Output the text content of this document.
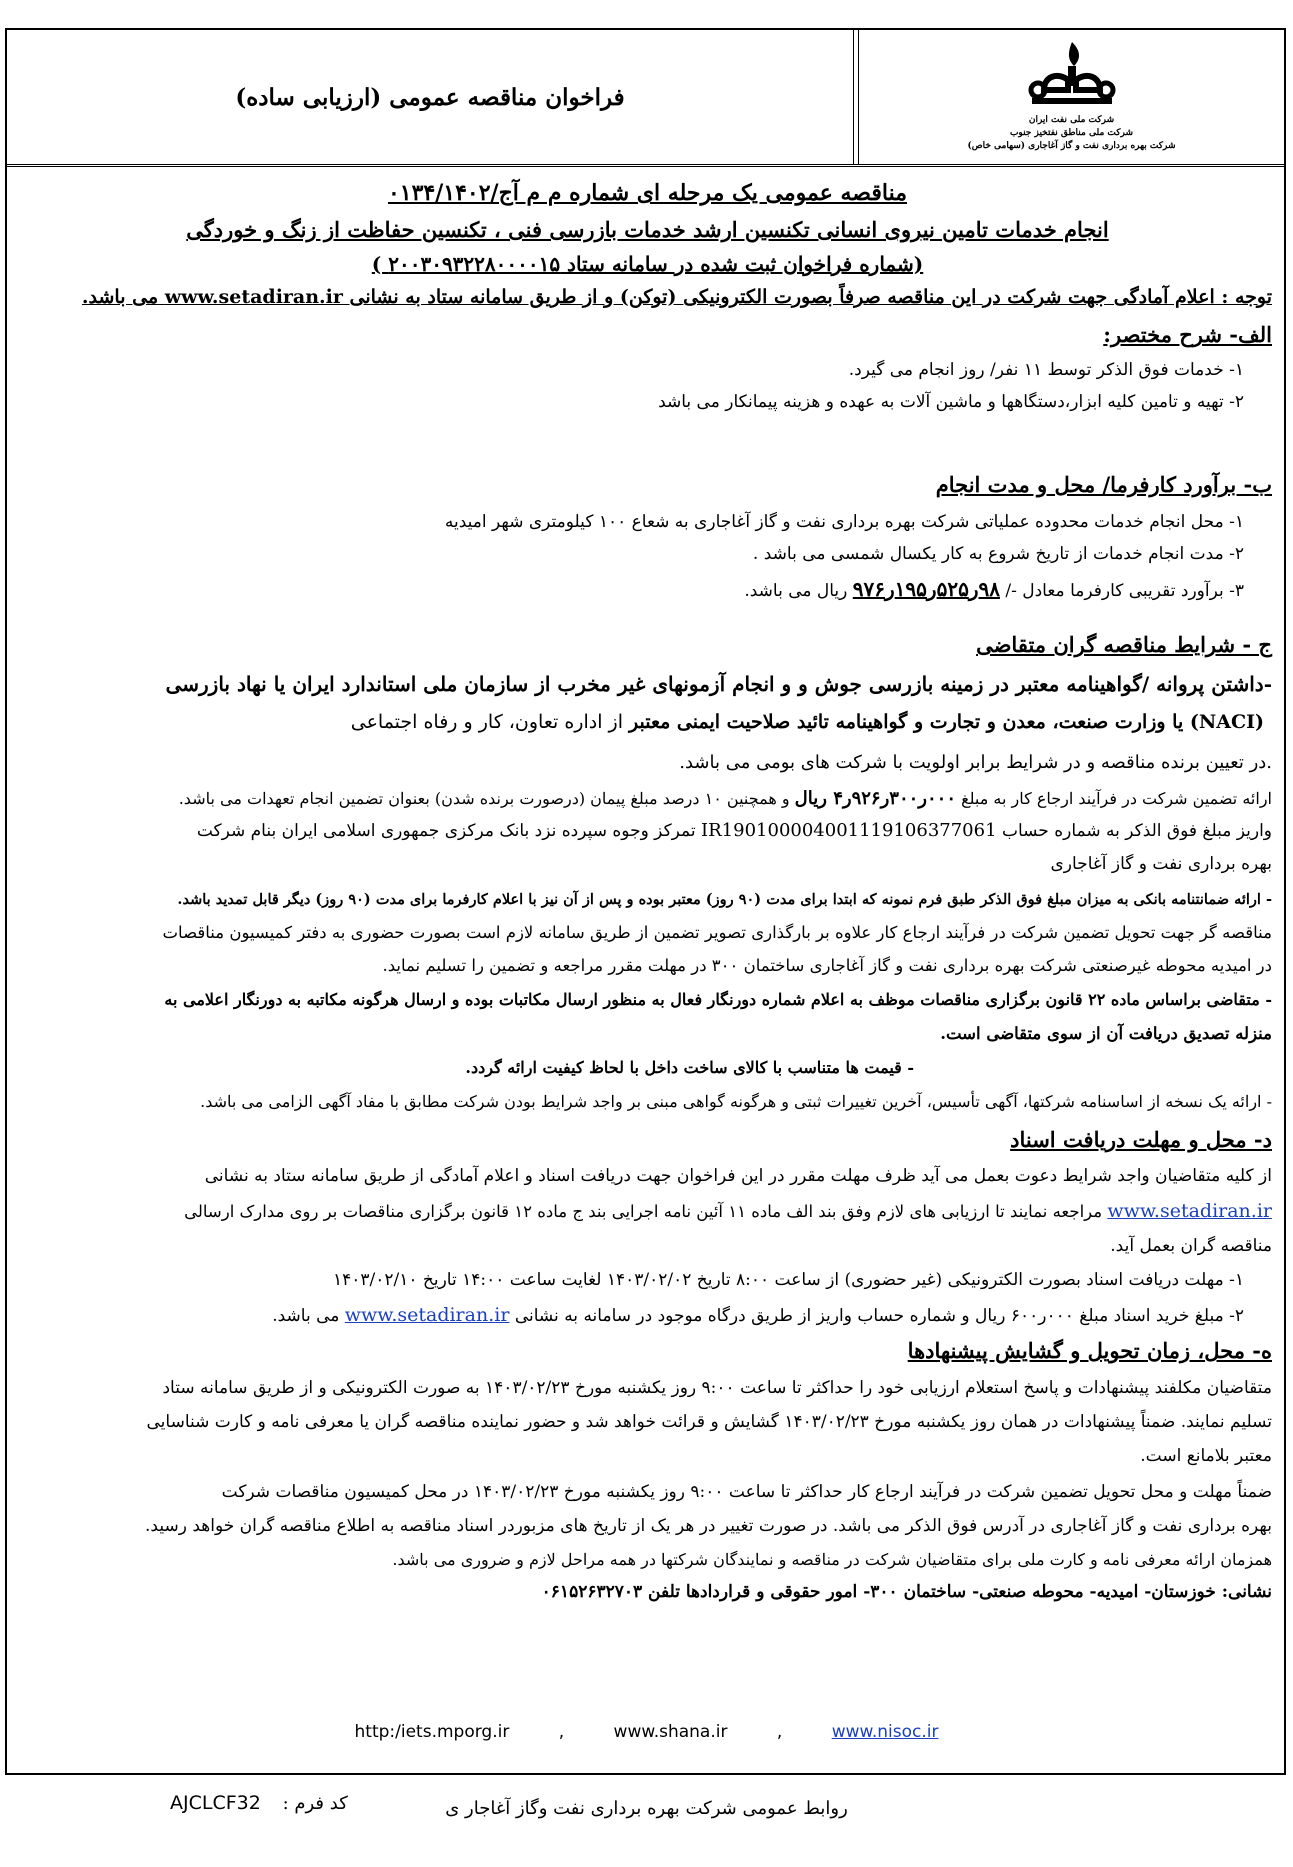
فراخوان مناقصه عمومی (ارزیابی ساده)
شرکت ملی نفت ایران
شرکت ملی مناطق نفتخیز جنوب
شرکت بهره برداری نفت و گاز آغاجاری (سهامی خاص)
مناقصه عمومی یک مرحله ای شماره م م آج/۰۱۳۴/۱۴۰۲
انجام خدمات تامین نیروی انسانی تکنسین ارشد خدمات بازرسی فنی ، تکنسین حفاظت از زنگ و خوردگی
(شماره فراخوان ثبت شده در سامانه ستاد ۲۰۰۳۰۹۳۲۲۸۰۰۰۰۱۵ )
توجه : اعلام آمادگی جهت شرکت در این مناقصه صرفاً بصورت الکترونیکی (توکن) و از طریق سامانه ستاد به نشانی www.setadiran.ir می باشد.
الف- شرح مختصر:
۱- خدمات فوق الذکر توسط ۱۱ نفر/ روز انجام می گیرد.
۲- تهیه و تامین کلیه ابزار،دستگاهها و ماشین آلات به عهده و هزینه پیمانکار می باشد
ب- برآورد کارفرما/ محل و مدت انجام
۱- محل انجام خدمات محدوده عملیاتی شرکت بهره برداری نفت و گاز آغاجاری به شعاع ۱۰۰ کیلومتری شهر امیدیه
۲- مدت انجام خدمات از تاریخ شروع به کار یکسال شمسی می باشد .
۳- برآورد تقریبی کارفرما معادل -/ ۹۸ر۵۲۵ر۱۹۵ر۹۷۶ ریال می باشد.
ج - شرایط مناقصه گران متقاضی
-داشتن پروانه /گواهینامه معتبر در زمینه بازرسی جوش و و انجام آزمونهای غیر مخرب از سازمان ملی استاندارد ایران یا نهاد بازرسی
(NACI) یا وزارت صنعت، معدن و تجارت و گواهینامه تائید صلاحیت ایمنی معتبر از اداره تعاون، کار و رفاه اجتماعی
.در تعیین برنده مناقصه و در شرایط برابر اولویت با شرکت های بومی می باشد.
ارائه تضمین شرکت در فرآیند ارجاع کار به مبلغ ۰۰۰ر۳۰۰ر۹۲۶ر۴ ریال و همچنین ۱۰ درصد مبلغ پیمان (درصورت برنده شدن) بعنوان تضمین انجام تعهدات می باشد.
واریز مبلغ فوق الذکر به شماره حساب IR190100004001119106377061 تمرکز وجوه سپرده نزد بانک مرکزی جمهوری اسلامی ایران بنام شرکت
بهره برداری نفت و گاز آغاجاری
- ارائه ضمانتنامه بانکی به میزان مبلغ فوق الذکر طبق فرم نمونه که ابتدا برای مدت (۹۰ روز) معتبر بوده و پس از آن نیز با اعلام کارفرما برای مدت (۹۰ روز) دیگر قابل تمدید باشد.
مناقصه گر جهت تحویل تضمین شرکت در فرآیند ارجاع کار علاوه بر بارگذاری تصویر تضمین از طریق سامانه لازم است بصورت حضوری به دفتر کمیسیون مناقصات
در امیدیه محوطه غیرصنعتی شرکت بهره برداری نفت و گاز آغاجاری ساختمان ۳۰۰ در مهلت مقرر مراجعه و تضمین را تسلیم نماید.
- متقاضی براساس ماده ۲۲ قانون برگزاری مناقصات موظف به اعلام شماره دورنگار فعال به منظور ارسال مکاتبات بوده و ارسال هرگونه مکاتبه به دورنگار اعلامی به
منزله تصدیق دریافت آن از سوی متقاضی است.
- قیمت ها متناسب با کالای ساخت داخل با لحاظ کیفیت ارائه گردد.
- ارائه یک نسخه از اساسنامه شرکتها، آگهی تأسیس، آخرین تغییرات ثبتی و هرگونه گواهی مبنی بر واجد شرایط بودن شرکت مطابق با مفاد آگهی الزامی می باشد.
د- محل و مهلت دریافت اسناد
از کلیه متقاضیان واجد شرایط دعوت بعمل می آید ظرف مهلت مقرر در این فراخوان جهت دریافت اسناد و اعلام آمادگی از طریق سامانه ستاد به نشانی
www.setadiran.ir مراجعه نمایند تا ارزیابی های لازم وفق بند الف ماده ۱۱ آئین نامه اجرایی بند ج ماده ۱۲ قانون برگزاری مناقصات بر روی مدارک ارسالی
مناقصه گران بعمل آید.
۱- مهلت دریافت اسناد بصورت الکترونیکی (غیر حضوری) از ساعت ۸:۰۰ تاریخ ۱۴۰۳/۰۲/۰۲ لغایت ساعت ۱۴:۰۰ تاریخ ۱۴۰۳/۰۲/۱۰
۲- مبلغ خرید اسناد مبلغ ۰۰۰ر۶۰۰ ریال و شماره حساب واریز از طریق درگاه موجود در سامانه به نشانی www.setadiran.ir می باشد.
ه- محل، زمان تحویل و گشایش پیشنهادها
متقاضیان مکلفند پیشنهادات و پاسخ استعلام ارزیابی خود را حداکثر تا ساعت ۹:۰۰ روز یکشنبه مورخ ۱۴۰۳/۰۲/۲۳ به صورت الکترونیکی و از طریق سامانه ستاد
تسلیم نمایند. ضمناً پیشنهادات در همان روز یکشنبه مورخ ۱۴۰۳/۰۲/۲۳ گشایش و قرائت خواهد شد و حضور نماینده مناقصه گران یا معرفی نامه و کارت شناسایی
معتبر بلامانع است.
ضمناً مهلت و محل تحویل تضمین شرکت در فرآیند ارجاع کار حداکثر تا ساعت ۹:۰۰ روز یکشنبه مورخ ۱۴۰۳/۰۲/۲۳ در محل کمیسیون مناقصات شرکت
بهره برداری نفت و گاز آغاجاری در آدرس فوق الذکر می باشد. در صورت تغییر در هر یک از تاریخ های مزبوردر اسناد مناقصه به اطلاع مناقصه گران خواهد رسید.
همزمان ارائه معرفی نامه و کارت ملی برای متقاضیان شرکت در مناقصه و نمایندگان شرکتها در همه مراحل لازم و ضروری می باشد.
نشانی: خوزستان- امیدیه- محوطه صنعتی- ساختمان ۳۰۰- امور حقوقی و قراردادها تلفن ۰۶۱۵۲۶۳۲۷۰۳
http:/iets.mporg.ir	,	www.shana.ir	,	www.nisoc.ir
روابط عمومی شرکت بهره برداری نفت وگاز آغاجار ی
کد فرم : AJCLCF32
